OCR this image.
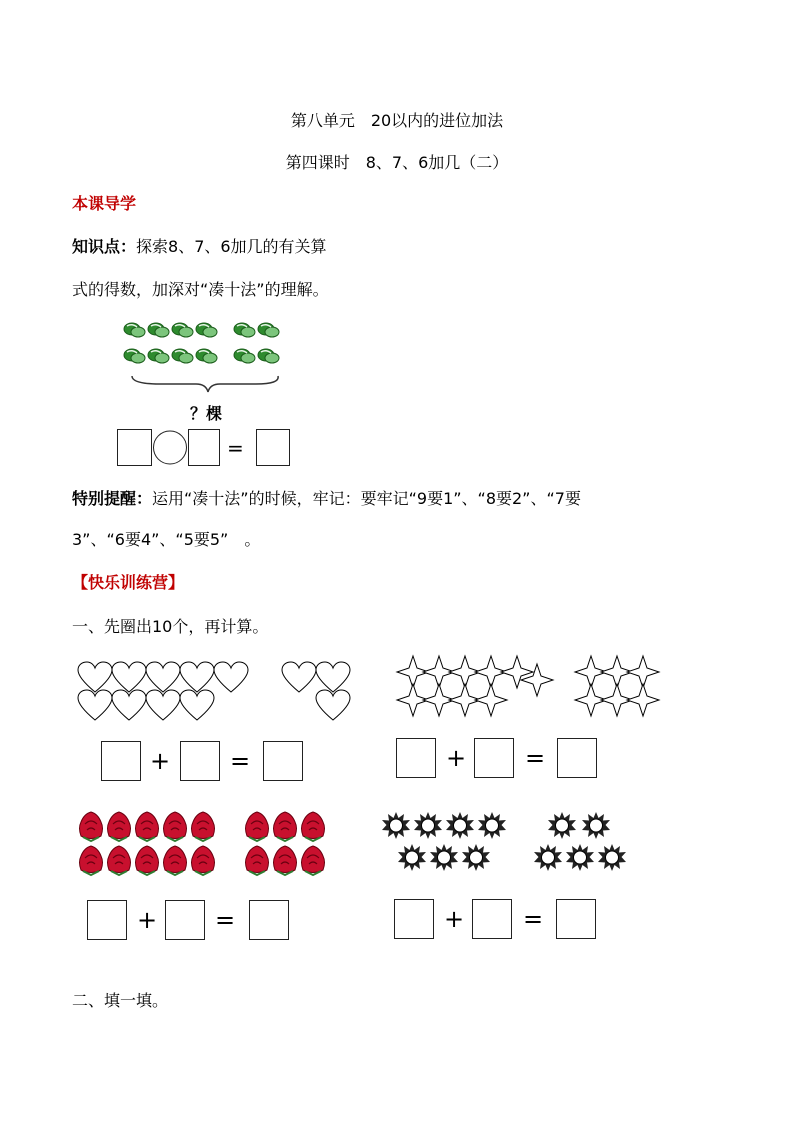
第八单元　20以内的进位加法
第四课时　8、7、6加几（二）
本课导学
知识点：探索8、7、6加几的有关算
式的得数，加深对“凑十法”的理解。
？棵
=
特别提醒：运用“凑十法”的时候，牢记：要牢记“9要1”、“8要2”、“7要
3”、“6要4”、“5要5”　。
【快乐训练营】
一、先圈出10个，再计算。
+ =	+ =
+ =	+ =
二、填一填。
